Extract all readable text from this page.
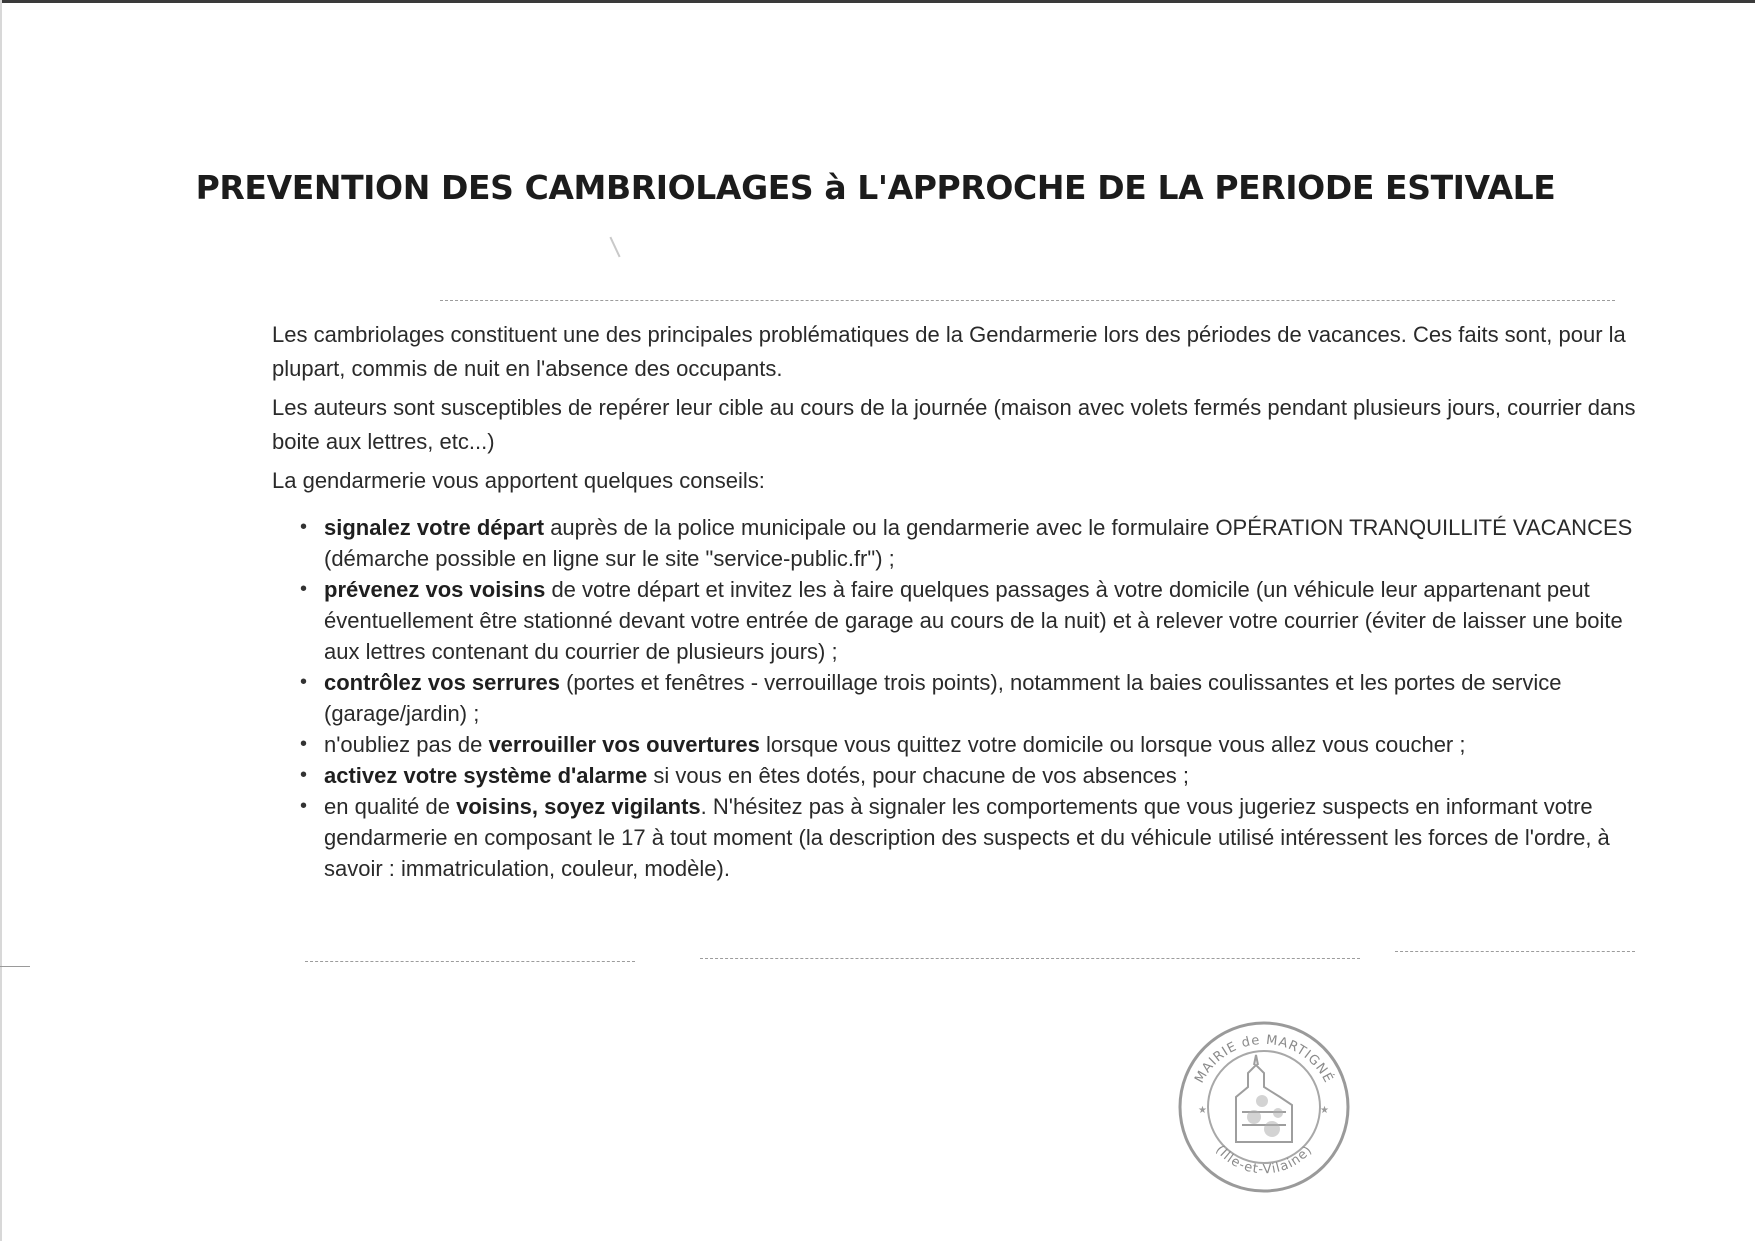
PREVENTION DES CAMBRIOLAGES à L'APPROCHE DE LA PERIODE ESTIVALE

Les cambriolages constituent une des principales problématiques de la Gendarmerie lors des périodes de vacances. Ces faits sont, pour la plupart, commis de nuit en l'absence des occupants.

Les auteurs sont susceptibles de repérer leur cible au cours de la journée (maison avec volets fermés pendant plusieurs jours, courrier dans boite aux lettres, etc...)

La gendarmerie vous apportent quelques conseils:

• signalez votre départ auprès de la police municipale ou la gendarmerie avec le formulaire OPÉRATION TRANQUILLITÉ VACANCES (démarche possible en ligne sur le site "service-public.fr") ;
• prévenez vos voisins de votre départ et invitez les à faire quelques passages à votre domicile (un véhicule leur appartenant peut éventuellement être stationné devant votre entrée de garage au cours de la nuit) et à relever votre courrier (éviter de laisser une boite aux lettres contenant du courrier de plusieurs jours) ;
• contrôlez vos serrures (portes et fenêtres - verrouillage trois points), notamment la baies coulissantes et les portes de service (garage/jardin) ;
• n'oubliez pas de verrouiller vos ouvertures lorsque vous quittez votre domicile ou lorsque vous allez vous coucher ;
• activez votre système d'alarme si vous en êtes dotés, pour chacune de vos absences ;
• en qualité de voisins, soyez vigilants. N'hésitez pas à signaler les comportements que vous jugeriez suspects en informant votre gendarmerie en composant le 17 à tout moment (la description des suspects et du véhicule utilisé intéressent les forces de l'ordre, à savoir : immatriculation, couleur, modèle).
MAIRIE de MARTIGNÉ
(Ille-et-Vilaine)
★	★
